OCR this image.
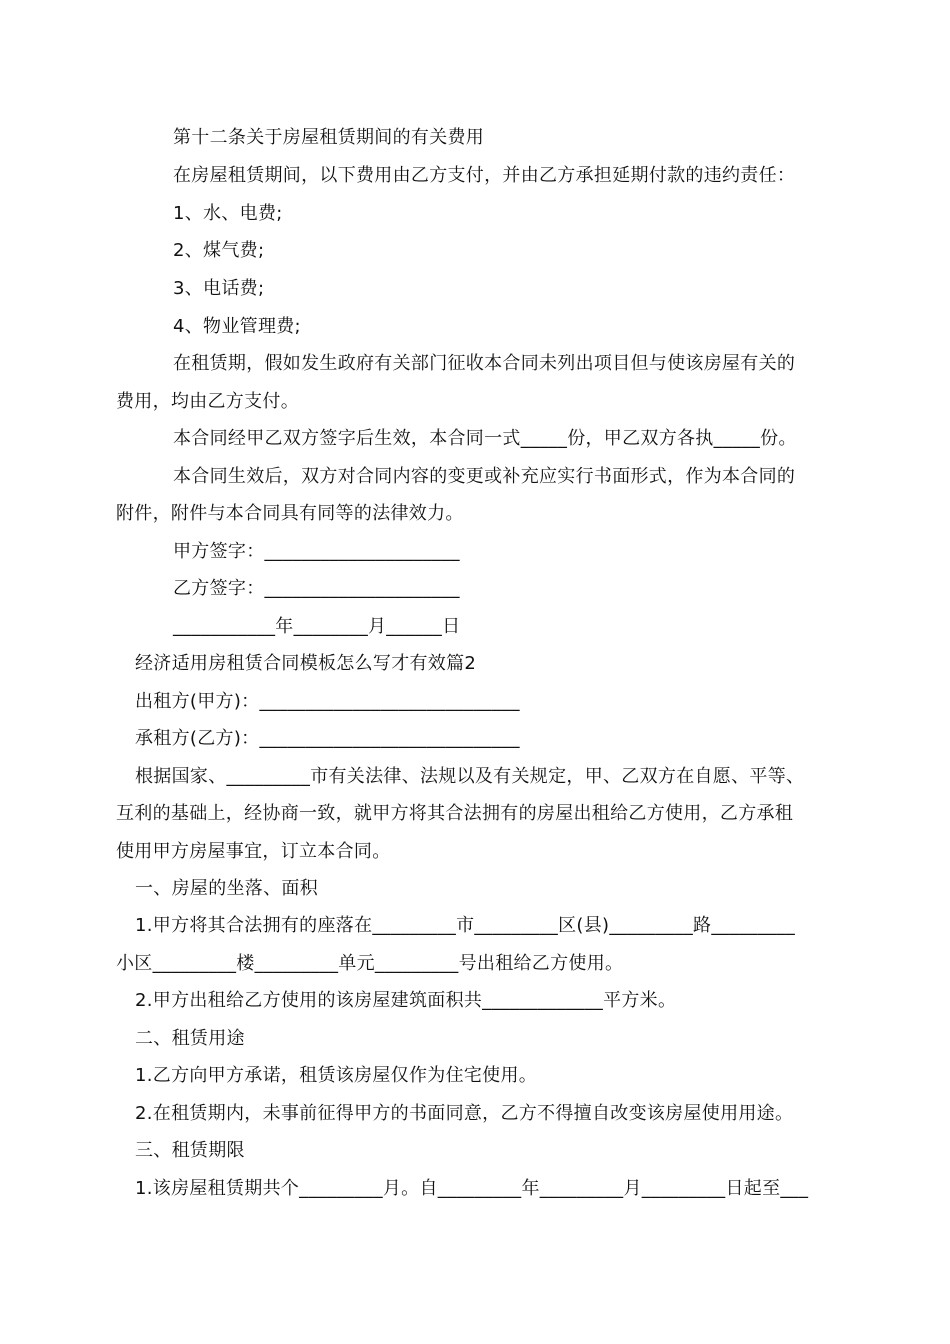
第十二条关于房屋租赁期间的有关费用
在房屋租赁期间，以下费用由乙方支付，并由乙方承担延期付款的违约责任：
1、水、电费;
2、煤气费;
3、电话费;
4、物业管理费;
在租赁期，假如发生政府有关部门征收本合同未列出项目但与使该房屋有关的
费用，均由乙方支付。
本合同经甲乙双方签字后生效，本合同一式_____份，甲乙双方各执_____份。
本合同生效后，双方对合同内容的变更或补充应实行书面形式，作为本合同的
附件，附件与本合同具有同等的法律效力。
甲方签字：_____________________
乙方签字：_____________________
___________年________月______日
经济适用房租赁合同模板怎么写才有效篇2
出租方(甲方)：____________________________
承租方(乙方)：____________________________
根据国家、_________市有关法律、法规以及有关规定，甲、乙双方在自愿、平等、
互利的基础上，经协商一致，就甲方将其合法拥有的房屋出租给乙方使用，乙方承租
使用甲方房屋事宜，订立本合同。
一、房屋的坐落、面积
1.甲方将其合法拥有的座落在_________市_________区(县)_________路_________
小区_________楼_________单元_________号出租给乙方使用。
2.甲方出租给乙方使用的该房屋建筑面积共_____________平方米。
二、租赁用途
1.乙方向甲方承诺，租赁该房屋仅作为住宅使用。
2.在租赁期内，未事前征得甲方的书面同意，乙方不得擅自改变该房屋使用用途。
三、租赁期限
1.该房屋租赁期共个_________月。自_________年_________月_________日起至___
